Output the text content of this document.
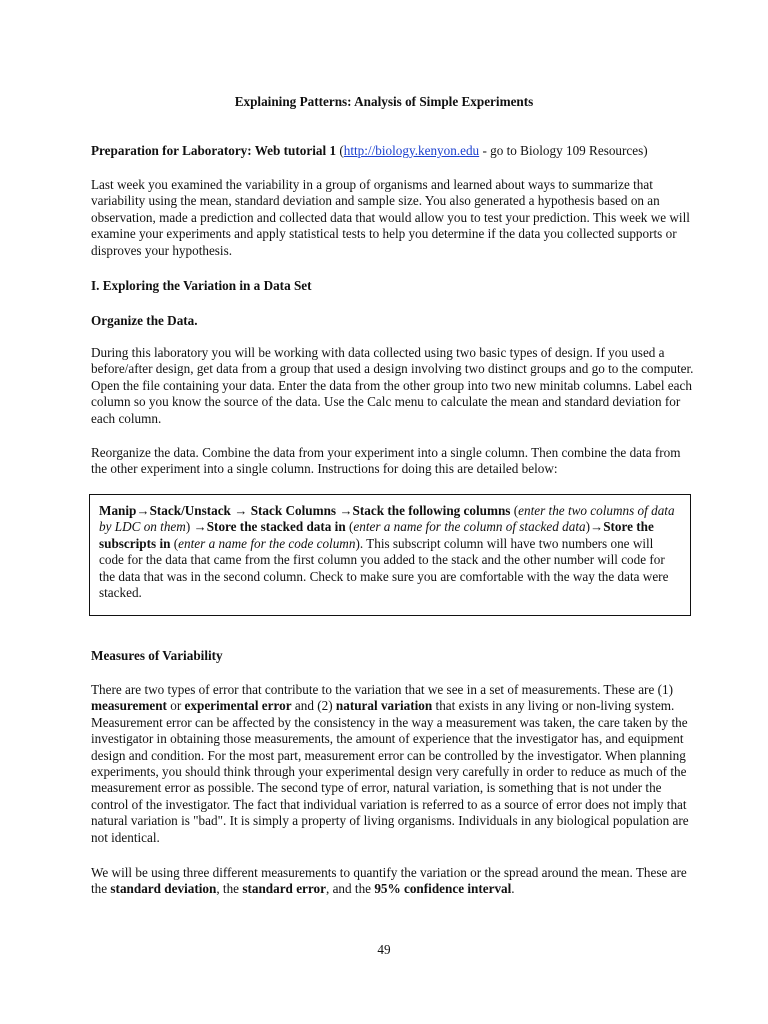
Explaining Patterns: Analysis of Simple Experiments

Preparation for Laboratory: Web tutorial 1 (http://biology.kenyon.edu - go to Biology 109 Resources)

Last week you examined the variability in a group of organisms and learned about ways to summarize that variability using the mean, standard deviation and sample size. You also generated a hypothesis based on an observation, made a prediction and collected data that would allow you to test your prediction. This week we will examine your experiments and apply statistical tests to help you determine if the data you collected supports or disproves your hypothesis.

I. Exploring the Variation in a Data Set

Organize the Data.

During this laboratory you will be working with data collected using two basic types of design. If you used a before/after design, get data from a group that used a design involving two distinct groups and go to the computer. Open the file containing your data. Enter the data from the other group into two new minitab columns. Label each column so you know the source of the data. Use the Calc menu to calculate the mean and standard deviation for each column.

Reorganize the data. Combine the data from your experiment into a single column. Then combine the data from the other experiment into a single column. Instructions for doing this are detailed below:

Manip→Stack/Unstack → Stack Columns →Stack the following columns (enter the two columns of data by LDC on them) →Store the stacked data in (enter a name for the column of stacked data)→Store the subscripts in (enter a name for the code column). This subscript column will have two numbers one will code for the data that came from the first column you added to the stack and the other number will code for the data that was in the second column. Check to make sure you are comfortable with the way the data were stacked.

Measures of Variability

There are two types of error that contribute to the variation that we see in a set of measurements. These are (1) measurement or experimental error and (2) natural variation that exists in any living or non-living system. Measurement error can be affected by the consistency in the way a measurement was taken, the care taken by the investigator in obtaining those measurements, the amount of experience that the investigator has, and equipment design and condition. For the most part, measurement error can be controlled by the investigator. When planning experiments, you should think through your experimental design very carefully in order to reduce as much of the measurement error as possible. The second type of error, natural variation, is something that is not under the control of the investigator. The fact that individual variation is referred to as a source of error does not imply that natural variation is "bad". It is simply a property of living organisms. Individuals in any biological population are not identical.

We will be using three different measurements to quantify the variation or the spread around the mean. These are the standard deviation, the standard error, and the 95% confidence interval.

49
